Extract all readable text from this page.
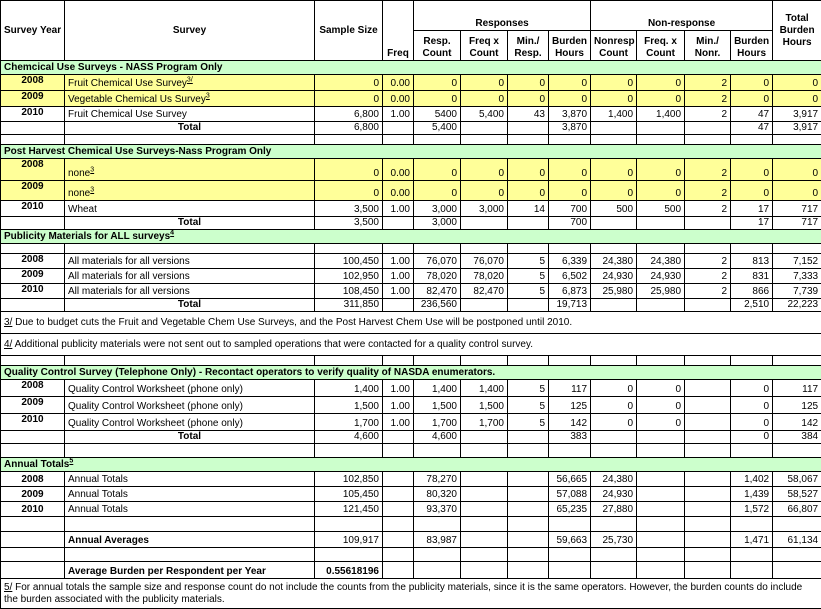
Survey Year	Survey	Sample Size	Freq	Responses				Non-response				Total Burden Hours
				Resp. Count	Freq x Count	Min./ Resp.	Burden Hours	Nonresp Count	Freq. x Count	Min./ Nonr.	Burden Hours	
Chemcical Use Surveys - NASS Program Only												
2008	Fruit Chemical Use Survey$^{3/}$	0	0.00	0	0	0	0	0	0	2	0	0
2009	Vegetable Chemical Us Survey$^3$	0	0.00	0	0	0	0	0	0	2	0	0
2010	Fruit Chemical Use Survey	6,800	1.00	5400	5,400	43	3,870	1,400	1,400	2	47	3,917
	Total	6,800		5,400			3,870				47	3,917

Post Harvest Chemical Use Surveys-Nass Program Only												
2008	none$^3$	0	0.00	0	0	0	0	0	0	2	0	0
2009	none$^3$	0	0.00	0	0	0	0	0	0	2	0	0
2010	Wheat	3,500	1.00	3,000	3,000	14	700	500	500	2	17	717
	Total	3,500		3,000			700				17	717
Publicity Materials for ALL surveys$^4$

2008	All materials for all versions	100,450	1.00	76,070	76,070	5	6,339	24,380	24,380	2	813	7,152
2009	All materials for all versions	102,950	1.00	78,020	78,020	5	6,502	24,930	24,930	2	831	7,333
2010	All materials for all versions	108,450	1.00	82,470	82,470	5	6,873	25,980	25,980	2	866	7,739
	Total	311,850		236,560			19,713				2,510	22,223
3/ Due to budget cuts the Fruit and Vegetable Chem Use Surveys, and the Post Harvest Chem Use will be postponed until 2010.												
4/ Additional publicity materials were not sent out to sampled operations that were contacted for a quality control survey.												

Quality Control Survey (Telephone Only) - Recontact operators to verify quality of NASDA enumerators.												
2008	Quality Control Worksheet (phone only)	1,400	1.00	1,400	1,400	5	117	0	0		0	117
2009	Quality Control Worksheet (phone only)	1,500	1.00	1,500	1,500	5	125	0	0		0	125
2010	Quality Control Worksheet (phone only)	1,700	1.00	1,700	1,700	5	142	0	0		0	142
	Total	4,600		4,600			383				0	384

Annual Totals$^5$
2008	Annual Totals	102,850		78,270			56,665	24,380			1,402	58,067
2009	Annual Totals	105,450		80,320			57,088	24,930			1,439	58,527
2010	Annual Totals	121,450		93,370			65,235	27,880			1,572	66,807

	Annual Averages	109,917		83,987			59,663	25,730			1,471	61,134

	Average Burden per Respondent per Year	0.55618196										
5/ For annual totals the sample size and response count do not include the counts from the publicity materials, since it is the same operators. However, the burden counts do include the burden associated with the publicity materials.												
